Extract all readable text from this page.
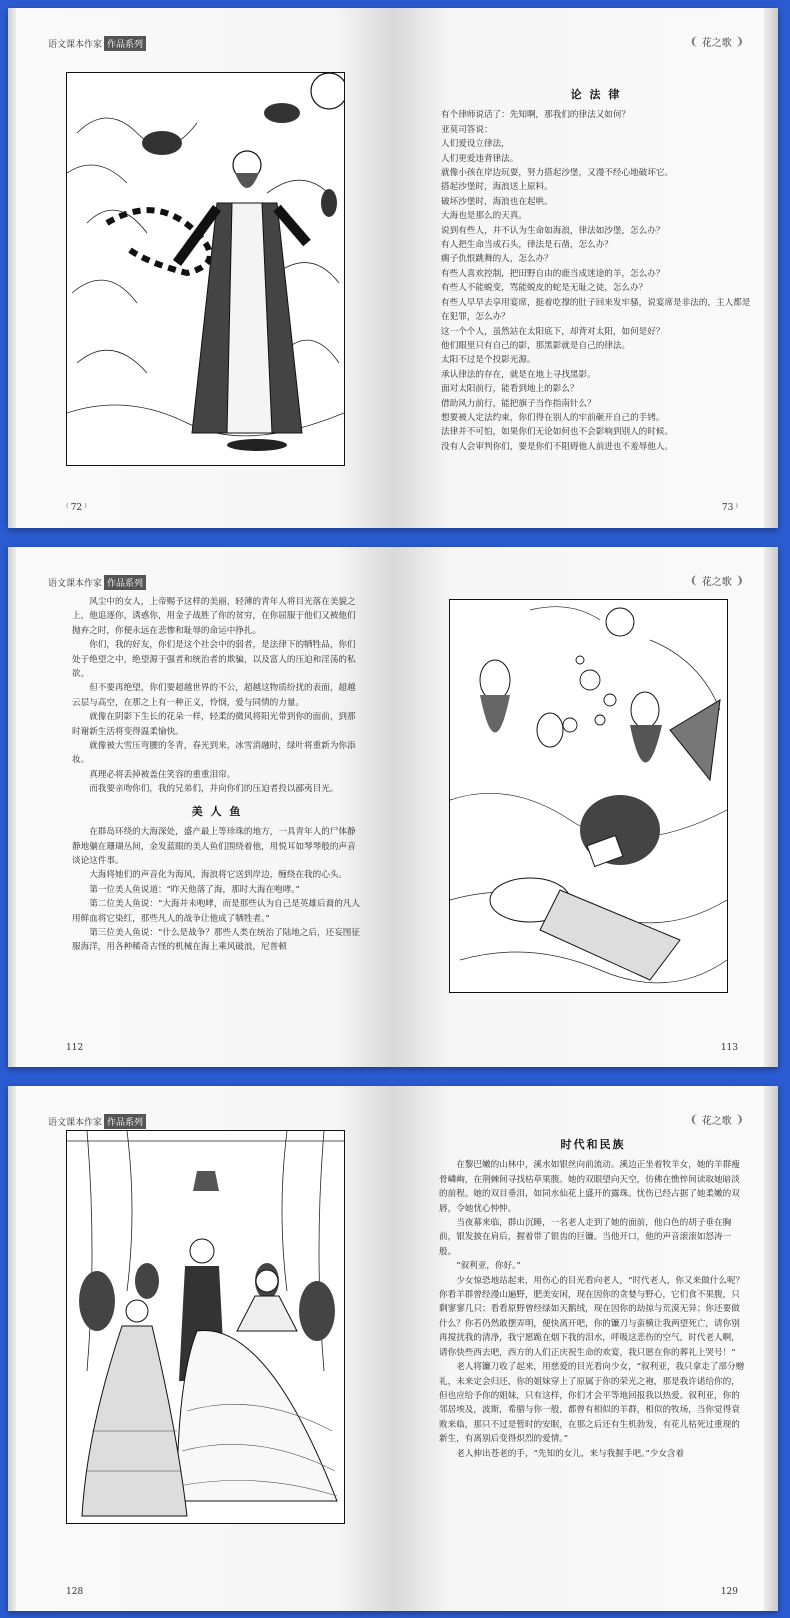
语文课本作家 作品系列
⁽ 72 ⁾
❨ 花之歌 ❩
论 法 律

有个律师说话了：先知啊，那我们的律法又如何？

亚莫司答说：

人们爱设立律法，

人们更爱违背律法。

就像小孩在岸边玩耍，努力搭起沙堡，又漫不经心地破坏它。

搭起沙堡时，海浪送上原料。

破坏沙堡时，海浪也在起哄。

大海也是那么的天真。

说到有些人，并不认为生命如海浪，律法如沙堡，怎么办？

有人把生命当成石头，律法是石凿，怎么办？

瘸子仇恨跳舞的人，怎么办？

有些人喜欢控制，把田野自由的鹿当成迷途的羊，怎么办？

有些人不能蜕变，骂能蜕皮的蛇是无耻之徒，怎么办？

有些人早早去享用宴席，挺着吃撑的肚子回来发牢骚，说宴席是非法的，主人都是在犯罪，怎么办？

这一个个人，虽然站在太阳底下，却背对太阳，如何是好？

他们眼里只有自己的影，那黑影就是自己的律法。

太阳不过是个投影光源。

承认律法的存在，就是在地上寻找黑影。

面对太阳前行，能看到地上的影么？

借助风力前行，能把旗子当作指南针么？

想要被人定法约束，你们得在别人的牢前砸开自己的手铐。

法律并不可怕，如果你们无论如何也不会影响到别人的时候。

没有人会审判你们，要是你们不阻碍他人前进也不羞辱他人。

73 ⁾
语文课本作家 作品系列

风尘中的女人，上帝赐予这样的美丽，轻薄的青年人将目光落在美貌之上，他追逐你，诱惑你，用金子战胜了你的贫穷，在你屈服于他们又被他们抛弃之时，你便永远在悲惨和耻辱的命运中挣扎。

你们，我的好友，你们是这个社会中的弱者，是法律下的牺牲品，你们处于绝望之中，绝望源于强者和统治者的欺骗，以及富人的压迫和淫荡的私欲。

但不要再绝望，你们要超越世界的不公，超越这物质纷扰的表面，超越云层与高空，在那之上有一种正义，怜悯，爱与同情的力量。

就像在阴影下生长的花朵一样，轻柔的微风将阳光带到你的面前，到那时谢新生活将变得温柔愉快。

就像被大雪压弯腰的冬青，春光到来，冰雪消融时，绿叶将重新为你添妆。

真理必将丢掉被盖住笑容的重重泪帘。

而我要亲吻你们，我的兄弟们，并向你们的压迫者投以鄙夷目光。

美 人 鱼

在群岛环绕的大海深处，盛产最上等珍珠的地方，一具青年人的尸体静静地躺在珊瑚丛间，金发蓝眼的美人鱼们围绕着他，用悦耳如琴琴般的声音谈论这件事。

大海将她们的声音化为海风，海浪将它送到岸边，缠绕在我的心头。

第一位美人鱼说道：“昨天他落了海，那时大海在咆哮。”

第二位美人鱼说：“大海并未咆哮，而是那些认为自己是英雄后裔的凡人用鲜血将它染红，那些凡人的战争让他成了牺牲者。”

第三位美人鱼说：“什么是战争？那些人类在统治了陆地之后，还妄图征服海洋，用各种稀奇古怪的机械在海上乘风破浪，尼普顿

112
❨ 花之歌 ❩
113
语文课本作家 作品系列
128
❨ 花之歌 ❩
时代和民族

在黎巴嫩的山林中，溪水如银丝向前流动。溪边正坐着牧羊女，她的羊群瘦骨嶙峋，在荆棘间寻找枯草果腹。她的双眼望向天空，仿佛在憔悴间读取她暗淡的前程。她的双目垂泪，如同水仙花上盛开的露珠。忧伤已经占据了她柔嫩的双唇，令她忧心忡忡。

当夜幕来临，群山沉睡，一名老人走到了她的面前，他白色的胡子垂在胸前，银发披在肩后，握着带了银齿的巨镰。当他开口，他的声音滚滚如怒涛一般。

“叙利亚，你好。”

少女惊恐地站起来，用伤心的目光看向老人，“时代老人，你又来做什么呢？你看羊群曾经漫山遍野，肥美安闲，现在因你的贪婪与野心，它们食不果腹，只剩寥寥几只；看看原野曾经绿如天鹅绒，现在因你的劫掠与荒漠无异；你还要做什么？你若仍然敢摆弄明，便快离开吧，你的镰刀与蛮横让我两望死亡，请你别再搅扰我的清净，我宁愿跪在烟下我的泪水，呼吸这悲伤的空气，时代老人啊，请你快些西去吧，西方的人们正庆祝生命的欢宴，我只愿在你的葬礼上哭号！”

老人将镰刀收了起来，用慈爱的目光看向少女，“叙利亚，我只拿走了部分赠礼，未来定会归还，你的姐妹穿上了原属于你的荣光之袍，那是我许诺给你的，但也应给予你的姐妹，只有这样，你们才会平等地回报我以热爱。叙利亚，你的邻居埃及，波斯，希腊与你一般，都曾有相似的羊群，相似的牧场，当你觉得衰败来临，那只不过是暂时的安眠，在那之后还有生机勃发，有花儿枯死过重现的新生，有离别后变得炽烈的爱情。”

老人伸出苍老的手，“先知的女儿，来与我握手吧。”少女含着

129
